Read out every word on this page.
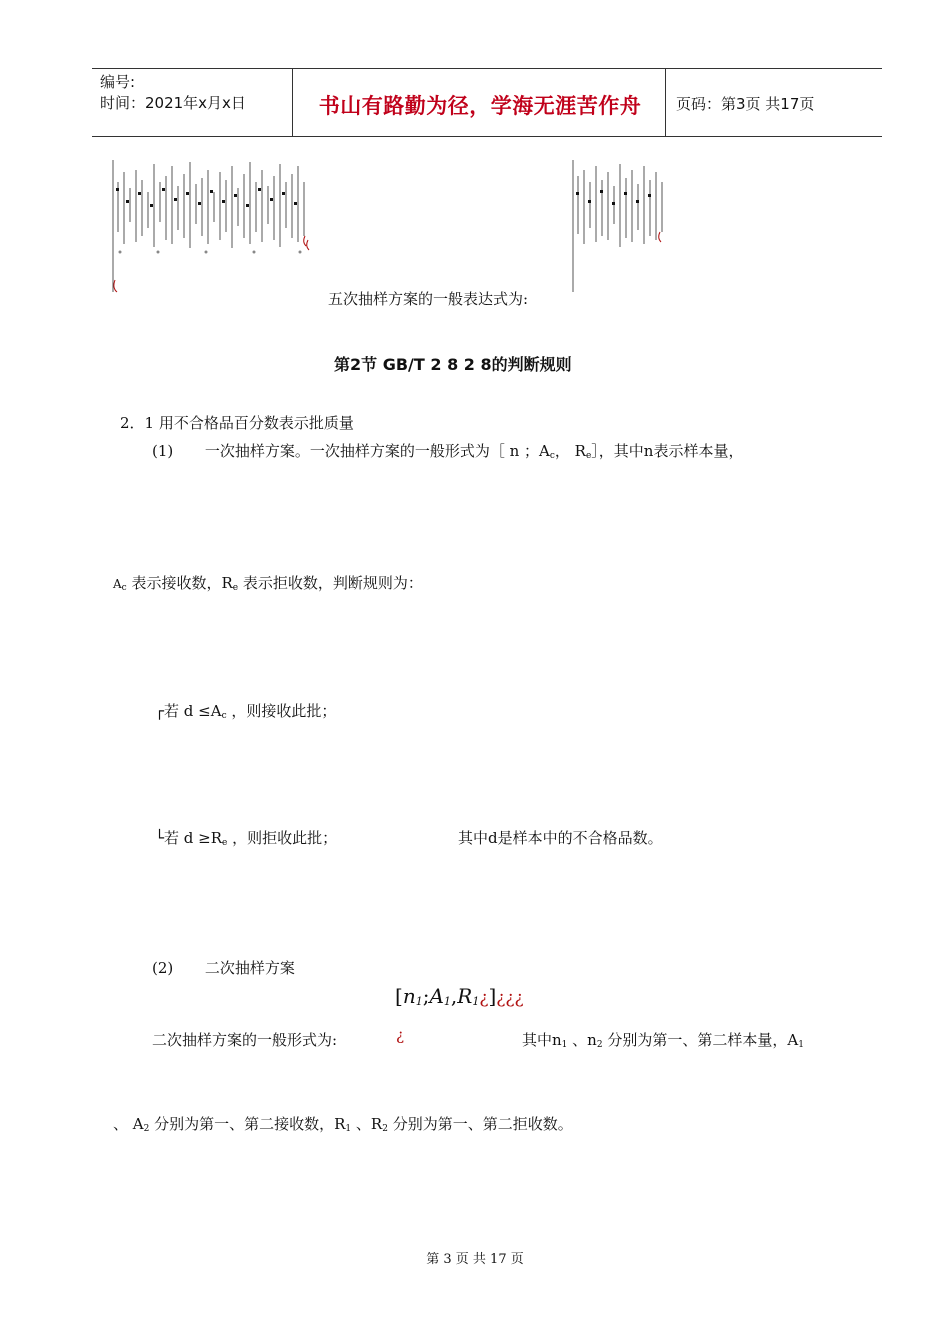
编号:
时间：2021年x月x日	书山有路勤为径，学海无涯苦作舟	页码：第3页 共17页
五次抽样方案的一般表达式为:
第2节 GB/T 2 8 2 8的判断规则
2．1 用不合格品百分数表示批质量
(1) 一次抽样方案。一次抽样方案的一般形式为［ n ；$A_c$， $R_e]$，其中n表示样本量，
$A_c$ 表示接收数，$R_e$ 表示拒收数，判断规则为：
┌若 $d \le A_c$ ，则接收此批；
└若 $d \ge R_e$ ，则拒收此批；	其中d是样本中的不合格品数。
(2) 二次抽样方案
$[n_1;A_1,R_1¿]¿¿¿$
二次抽样方案的一般形式为:	¿	其中$n_1$ 、$n_2$ 分别为第一、第二样本量，$A_1$
、 $A_2$ 分别为第一、第二接收数，$R_1$ 、$R_2$ 分别为第一、第二拒收数。
第 3 页 共 17 页
